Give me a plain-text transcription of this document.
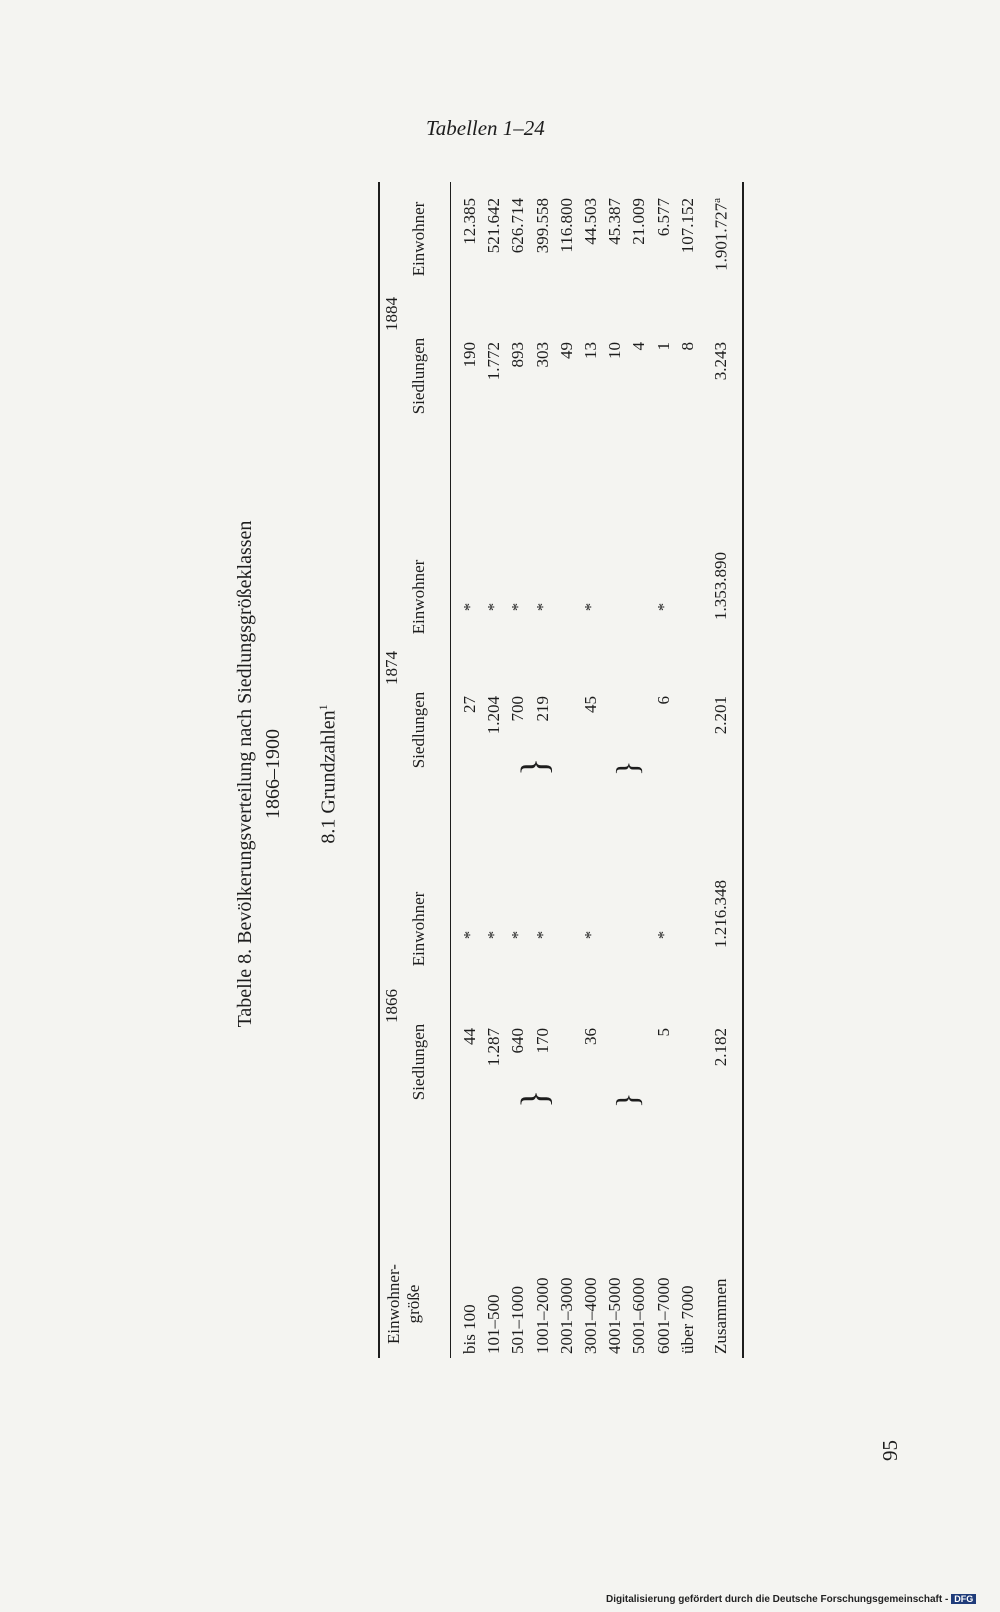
Tabellen 1–24
Tabelle 8. Bevölkerungsverteilung nach Siedlungsgrößeklassen 1866–1900 8.1 Grundzahlen$^1$
Einwohner- größe
1866
1874
1884
Siedlungen
Einwohner
Siedlungen
Einwohner
Siedlungen
Einwohner
bis 100
44
*
27
*
190
12.385
101–500
1.287
*
1.204
*
1.772
521.642
501–1000
640
*
700
*
893
626.714
1001–2000
170
*
219
*
303
399.558
2001–3000
49
116.800
3001–4000
36
*
45
*
13
44.503
4001–5000
10
45.387
5001–6000
4
21.009
6001–7000
5
*
6
*
1
6.577
über 7000
8
107.152
} }
} }
Zusammen
2.182
1.216.348
2.201
1.353.890
3.243
1.901.727$^a$
95
Digitalisierung gefördert durch die Deutsche Forschungsgemeinschaft - DFG
